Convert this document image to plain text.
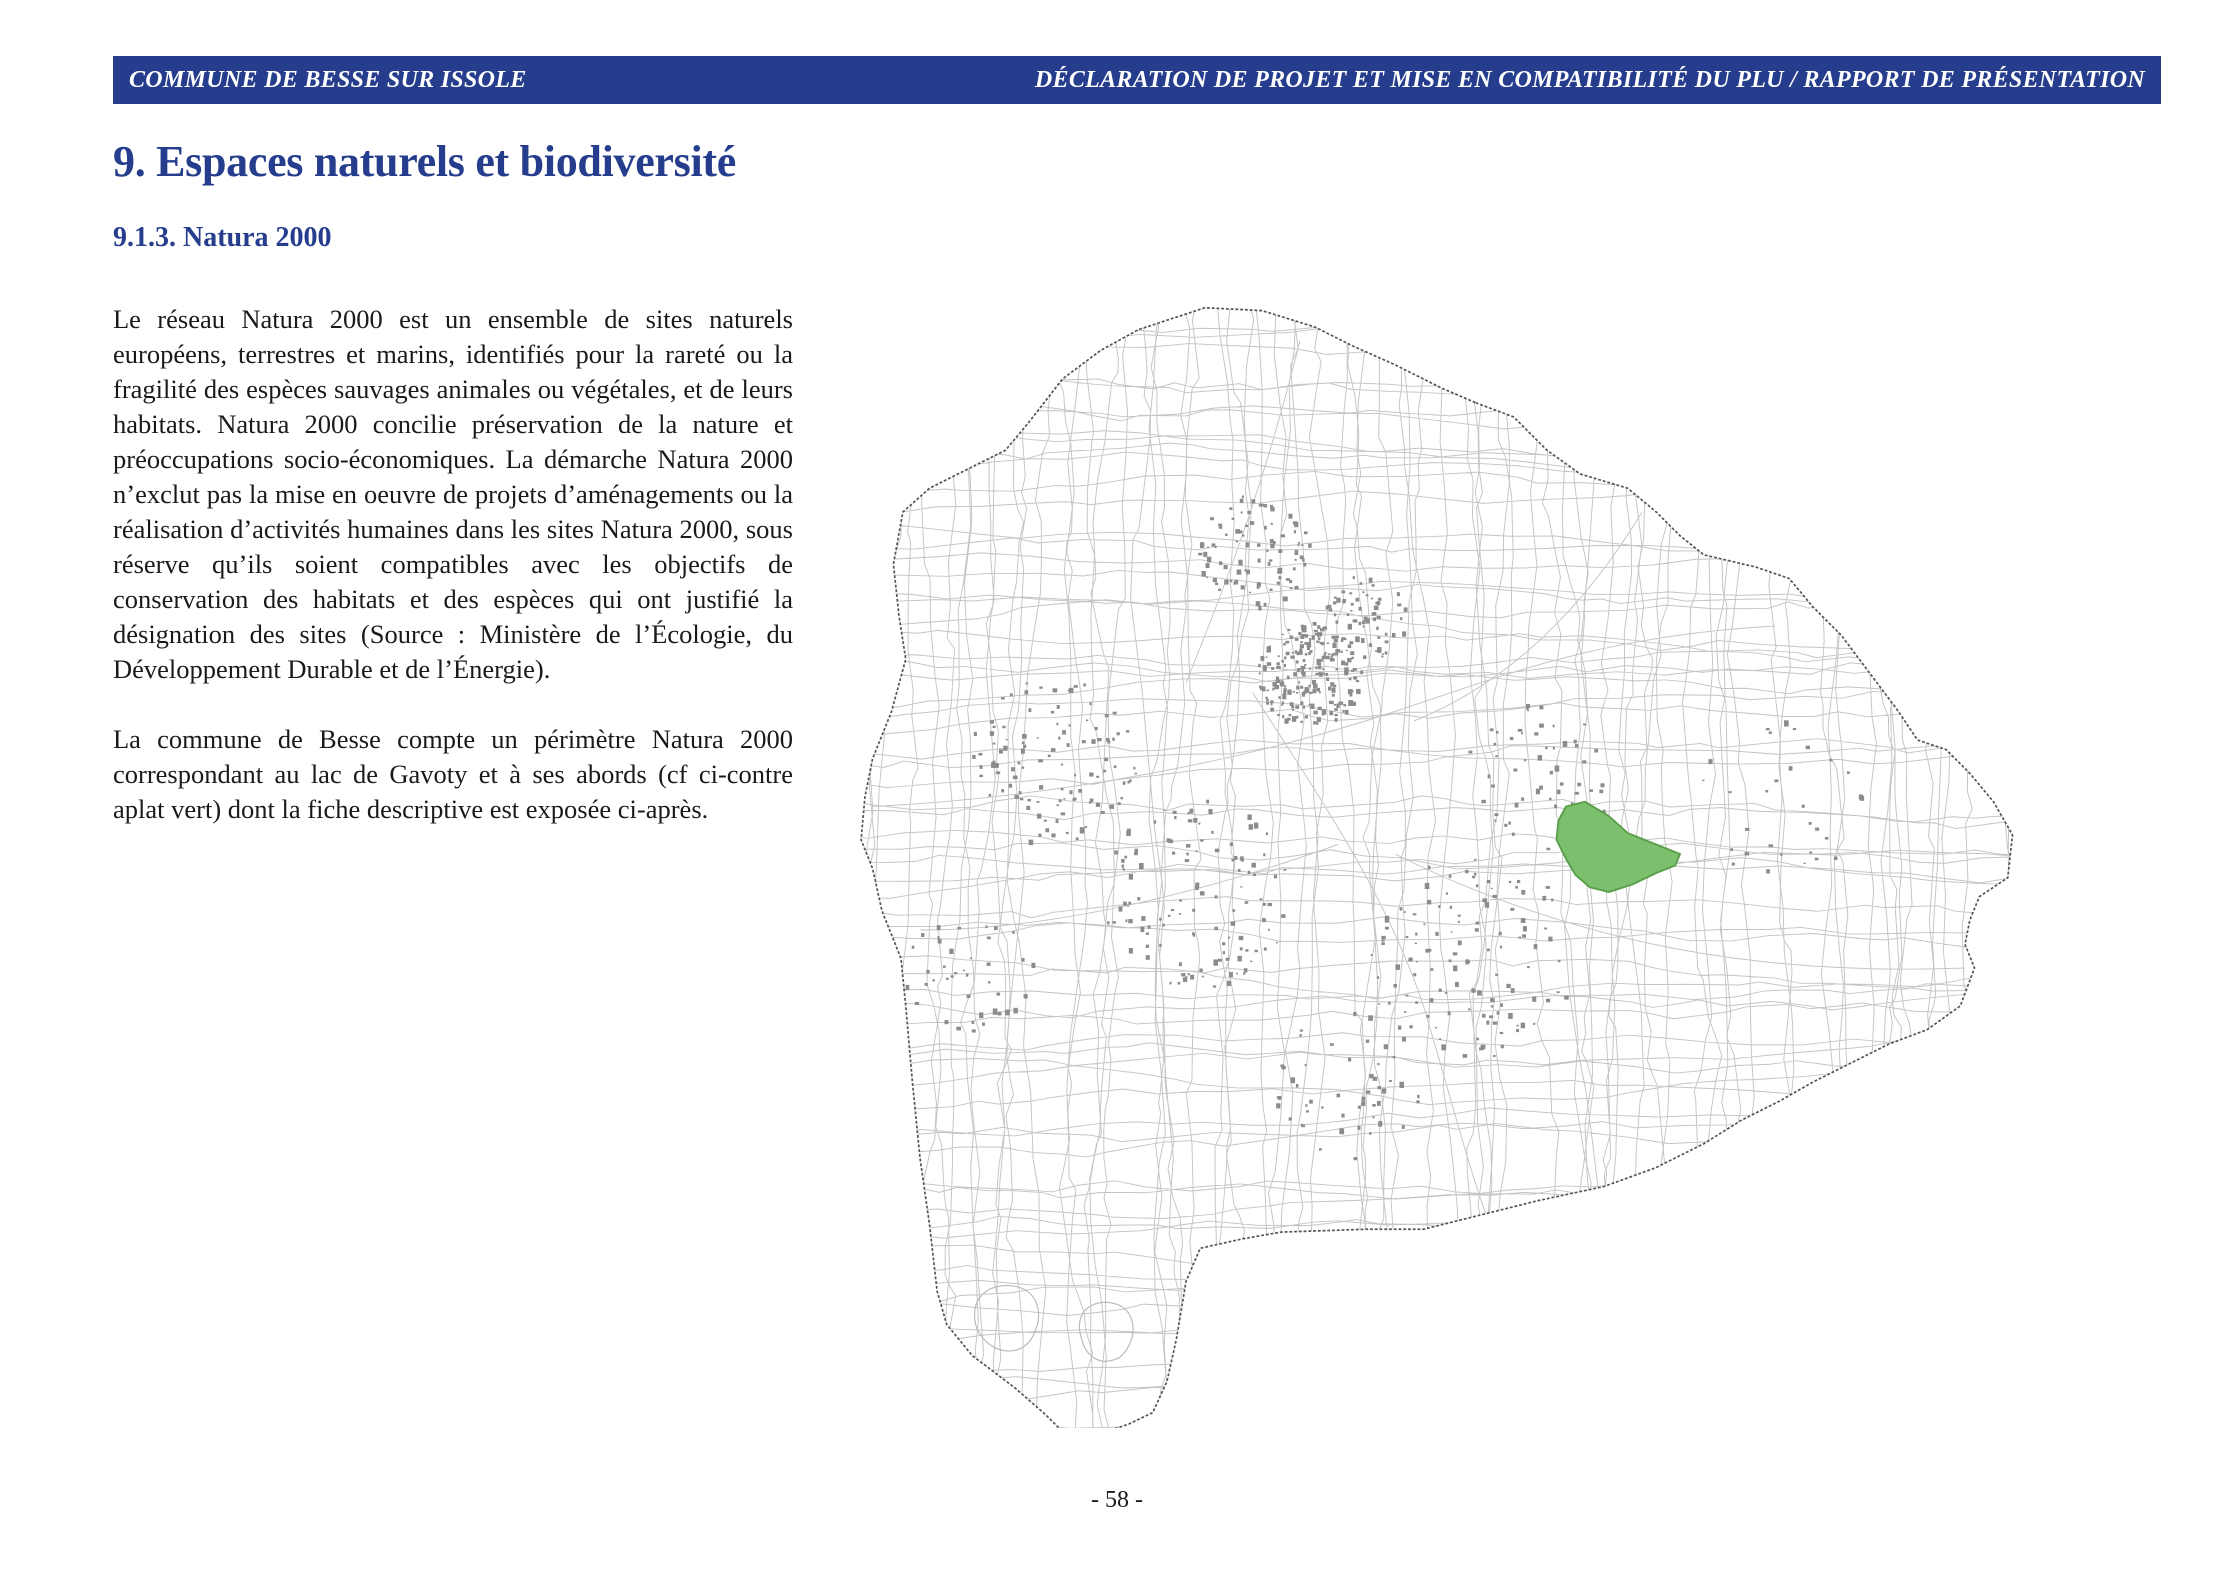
COMMUNE DE BESSE SUR ISSOLE	DÉCLARATION DE PROJET ET MISE EN COMPATIBILITÉ DU PLU / RAPPORT DE PRÉSENTATION
9. Espaces naturels et biodiversité
9.1.3. Natura 2000

Le réseau Natura 2000 est un ensemble de sites naturels européens, terrestres et marins, identifiés pour la rareté ou la fragilité des espèces sauvages animales ou végétales, et de leurs habitats. Natura 2000 concilie préservation de la nature et préoccupations socio-économiques. La démarche Natura 2000 n’exclut pas la mise en oeuvre de projets d’aménagements ou la réalisation d’activités humaines dans les sites Natura 2000, sous réserve qu’ils soient compatibles avec les objectifs de conservation des habitats et des espèces qui ont justifié la désignation des sites (Source : Ministère de l’Écologie, du Développement Durable et de l’Énergie).

La commune de Besse compte un périmètre Natura 2000 correspondant au lac de Gavoty et à ses abords (cf ci-contre aplat vert) dont la fiche descriptive est exposée ci-après.

- 58 -
